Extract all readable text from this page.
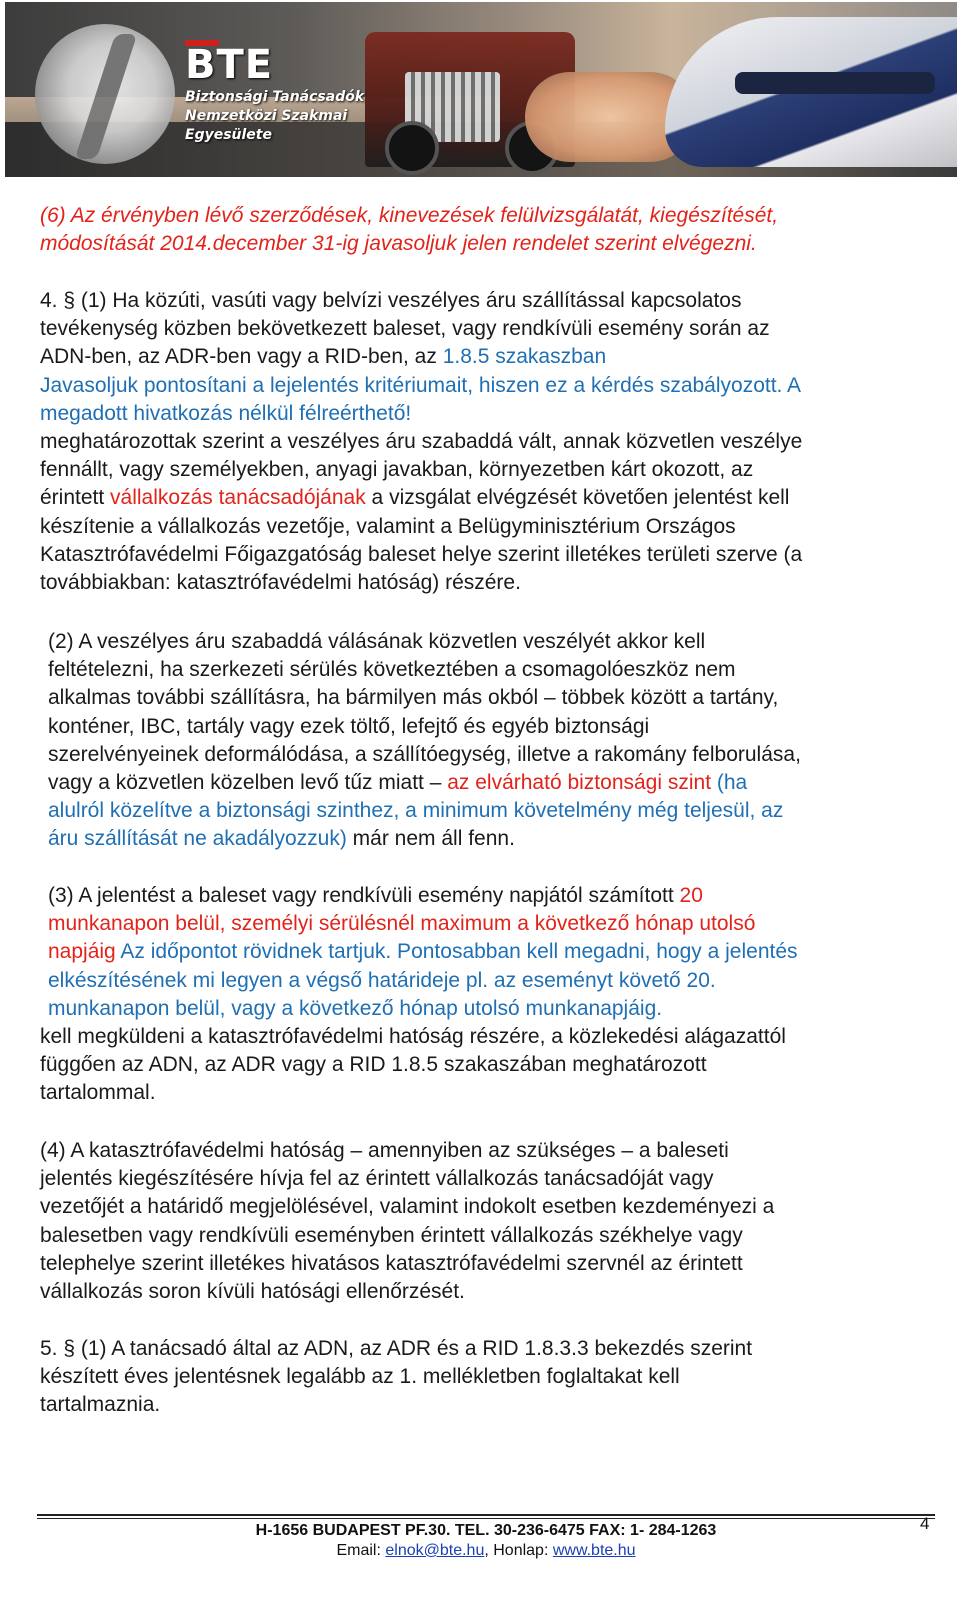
BTE
Biztonsági Tanácsadók
Nemzetközi Szakmai
Egyesülete
(6) Az érvényben lévő szerződések, kinevezések felülvizsgálatát, kiegészítését,
módosítását 2014.december 31-ig javasoljuk jelen rendelet szerint elvégezni.
4. § (1) Ha közúti, vasúti vagy belvízi veszélyes áru szállítással kapcsolatos
tevékenység közben bekövetkezett baleset, vagy rendkívüli esemény során az
ADN-ben, az ADR-ben vagy a RID-ben, az 1.8.5 szakaszban
Javasoljuk pontosítani a lejelentés kritériumait, hiszen ez a kérdés szabályozott. A
megadott hivatkozás nélkül félreérthető!
meghatározottak szerint a veszélyes áru szabaddá vált, annak közvetlen veszélye
fennállt, vagy személyekben, anyagi javakban, környezetben kárt okozott, az
érintett vállalkozás tanácsadójának a vizsgálat elvégzését követően jelentést kell
készítenie a vállalkozás vezetője, valamint a Belügyminisztérium Országos
Katasztrófavédelmi Főigazgatóság baleset helye szerint illetékes területi szerve (a
továbbiakban: katasztrófavédelmi hatóság) részére.
(2) A veszélyes áru szabaddá válásának közvetlen veszélyét akkor kell
feltételezni, ha szerkezeti sérülés következtében a csomagolóeszköz nem
alkalmas további szállításra, ha bármilyen más okból – többek között a tartány,
konténer, IBC, tartály vagy ezek töltő, lefejtő és egyéb biztonsági
szerelvényeinek deformálódása, a szállítóegység, illetve a rakomány felborulása,
vagy a közvetlen közelben levő tűz miatt – az elvárható biztonsági szint (ha
alulról közelítve a biztonsági szinthez, a minimum követelmény még teljesül, az
áru szállítását ne akadályozzuk) már nem áll fenn.
(3) A jelentést a baleset vagy rendkívüli esemény napjától számított 20
munkanapon belül, személyi sérülésnél maximum a következő hónap utolsó
napjáig Az időpontot rövidnek tartjuk. Pontosabban kell megadni, hogy a jelentés
elkészítésének mi legyen a végső határideje pl. az eseményt követő 20.
munkanapon belül, vagy a következő hónap utolsó munkanapjáig.
kell megküldeni a katasztrófavédelmi hatóság részére, a közlekedési alágazattól
függően az ADN, az ADR vagy a RID 1.8.5 szakaszában meghatározott
tartalommal.
(4) A katasztrófavédelmi hatóság – amennyiben az szükséges – a baleseti
jelentés kiegészítésére hívja fel az érintett vállalkozás tanácsadóját vagy
vezetőjét a határidő megjelölésével, valamint indokolt esetben kezdeményezi a
balesetben vagy rendkívüli eseményben érintett vállalkozás székhelye vagy
telephelye szerint illetékes hivatásos katasztrófavédelmi szervnél az érintett
vállalkozás soron kívüli hatósági ellenőrzését.
5. § (1) A tanácsadó által az ADN, az ADR és a RID 1.8.3.3 bekezdés szerint
készített éves jelentésnek legalább az 1. mellékletben foglaltakat kell
tartalmaznia.
4
H-1656 BUDAPEST PF.30. TEL. 30-236-6475 FAX: 1- 284-1263
Email: elnok@bte.hu, Honlap: www.bte.hu
